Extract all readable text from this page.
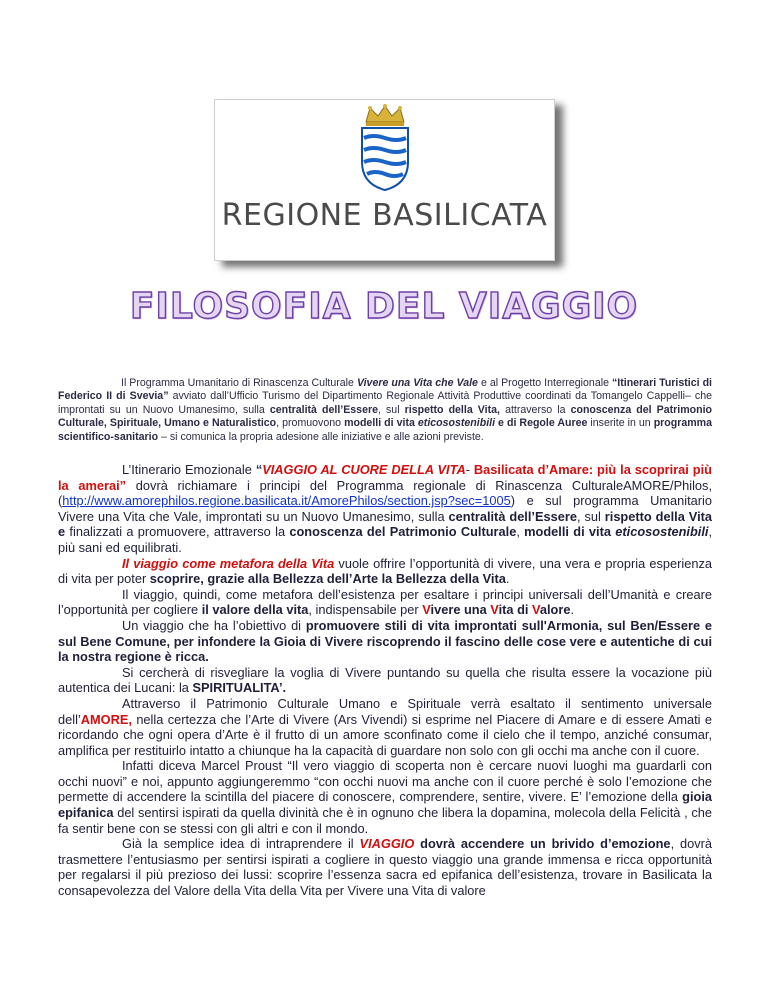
REGIONE BASILICATA
FILOSOFIA DEL VIAGGIO
Il Programma Umanitario di Rinascenza Culturale Vivere una Vita che Vale e al Progetto Interregionale “Itinerari Turistici di Federico II di Svevia” avviato dall’Ufficio Turismo del Dipartimento Regionale Attività Produttive coordinati da Tomangelo Cappelli– che improntati su un Nuovo Umanesimo, sulla centralità dell’Essere, sul rispetto della Vita, attraverso la conoscenza del Patrimonio Culturale, Spirituale, Umano e Naturalistico, promuovono modelli di vita eticosostenibili e di Regole Auree inserite in un programma scientifico-sanitario – si comunica la propria adesione alle iniziative e alle azioni previste.

L’Itinerario Emozionale “VIAGGIO AL CUORE DELLA VITA- Basilicata d’Amare: più la scoprirai più la amerai” dovrà richiamare i principi del Programma regionale di Rinascenza CulturaleAMORE/Philos,(http://www.amorephilos.regione.basilicata.it/AmorePhilos/section.jsp?sec=1005) e sul programma Umanitario Vivere una Vita che Vale, improntati su un Nuovo Umanesimo, sulla centralità dell’Essere, sul rispetto della Vita e finalizzati a promuovere, attraverso la conoscenza del Patrimonio Culturale, modelli di vita eticosostenibili, più sani ed equilibrati.

Il viaggio come metafora della Vita vuole offrire l’opportunità di vivere, una vera e propria esperienza di vita per poter scoprire, grazie alla Bellezza dell’Arte la Bellezza della Vita.

Il viaggio, quindi, come metafora dell’esistenza per esaltare i principi universali dell’Umanità e creare l’opportunità per cogliere il valore della vita, indispensabile per Vivere una Vita di Valore.

Un viaggio che ha l’obiettivo di promuovere stili di vita improntati sull'Armonia, sul Ben/Essere e sul Bene Comune, per infondere la Gioia di Vivere riscoprendo il fascino delle cose vere e autentiche di cui la nostra regione è ricca.

Si cercherà di risvegliare la voglia di Vivere puntando su quella che risulta essere la vocazione più autentica dei Lucani: la SPIRITUALITA’.

Attraverso il Patrimonio Culturale Umano e Spirituale verrà esaltato il sentimento universale dell’AMORE, nella certezza che l’Arte di Vivere (Ars Vivendi) si esprime nel Piacere di Amare e di essere Amati e ricordando che ogni opera d’Arte è il frutto di un amore sconfinato come il cielo che il tempo, anziché consumar, amplifica per restituirlo intatto a chiunque ha la capacità di guardare non solo con gli occhi ma anche con il cuore.

Infatti diceva Marcel Proust “Il vero viaggio di scoperta non è cercare nuovi luoghi ma guardarli con occhi nuovi” e noi, appunto aggiungeremmo “con occhi nuovi ma anche con il cuore perché è solo l’emozione che permette di accendere la scintilla del piacere di conoscere, comprendere, sentire, vivere. E’ l’emozione della gioia epifanica del sentirsi ispirati da quella divinità che è in ognuno che libera la dopamina, molecola della Felicità , che fa sentir bene con se stessi con gli altri e con il mondo.

Già la semplice idea di intraprendere il VIAGGIO dovrà accendere un brivido d’emozione, dovrà trasmettere l’entusiasmo per sentirsi ispirati a cogliere in questo viaggio una grande immensa e ricca opportunità per regalarsi il più prezioso dei lussi: scoprire l’essenza sacra ed epifanica dell’esistenza, trovare in Basilicata la consapevolezza del Valore della Vita della Vita per Vivere una Vita di valore
